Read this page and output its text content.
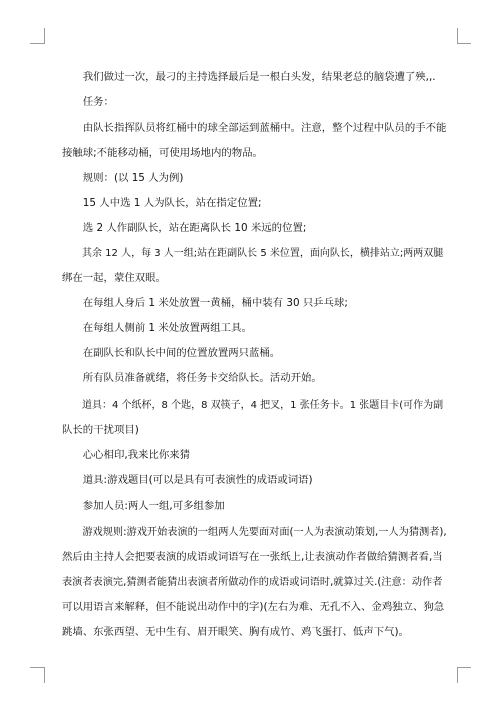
　　我们做过一次，最刁的主持选择最后是一根白头发，结果老总的脑袋遭了殃,,.
　　任务：
　　由队长指挥队员将红桶中的球全部运到蓝桶中。注意，整个过程中队员的手不能
接触球;不能移动桶，可使用场地内的物品。
　　规则：(以 15 人为例)
　　15 人中选 1 人为队长，站在指定位置;
　　选 2 人作副队长，站在距离队长 10 米远的位置;
　　其余 12 人，每 3 人一组;站在距副队长 5 米位置，面向队长，横排站立;两两双腿
绑在一起，蒙住双眼。
　　在每组人身后 1 米处放置一黄桶，桶中装有 30 只乒乓球;
　　在每组人侧前 1 米处放置两组工具。
　　在副队长和队长中间的位置放置两只蓝桶。
　　所有队员准备就绪，将任务卡交给队长。活动开始。
　　道具：4 个纸杯，8 个匙，8 双筷子，4 把叉，1 张任务卡。1 张题目卡(可作为副
队长的干扰项目)
　　心心相印,我来比你来猜
　　道具:游戏题目(可以是具有可表演性的成语或词语)
　　参加人员:两人一组,可多组参加
　　游戏规则:游戏开始表演的一组两人先要面对面(一人为表演动策划,一人为猜测者),
然后由主持人会把要表演的成语或词语写在一张纸上,让表演动作者做给猜测者看,当
表演者表演完,猜测者能猜出表演者所做动作的成语或词语时,就算过关.(注意：动作者
可以用语言来解释，但不能说出动作中的字)(左右为难、无孔不入、金鸡独立、狗急
跳墙、东张西望、无中生有、眉开眼笑、胸有成竹、鸡飞蛋打、低声下气)。
